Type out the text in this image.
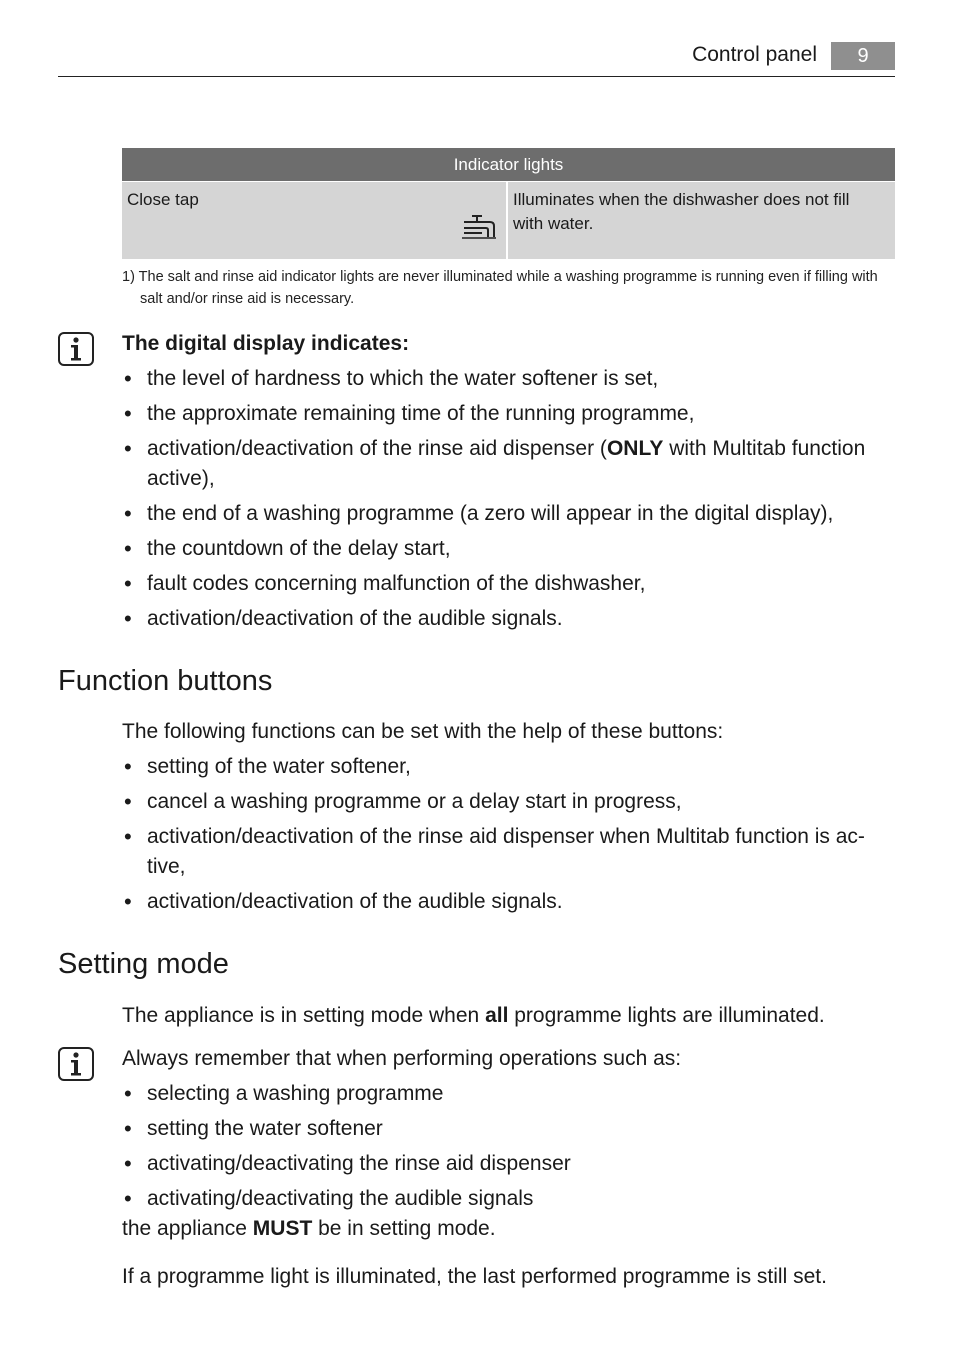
Control panel	9
Indicator lights
Close tap	Illuminates when the dishwasher does not fill with water.
1) The salt and rinse aid indicator lights are never illuminated while a washing programme is running even if filling with salt and/or rinse aid is necessary.

The digital display indicates:

• the level of hardness to which the water softener is set,
• the approximate remaining time of the running programme,
• activation/deactivation of the rinse aid dispenser (ONLY with Multitab function active),
• the end of a washing programme (a zero will appear in the digital display),
• the countdown of the delay start,
• fault codes concerning malfunction of the dishwasher,
• activation/deactivation of the audible signals.
Function buttons

The following functions can be set with the help of these buttons:

• setting of the water softener,
• cancel a washing programme or a delay start in progress,
• activation/deactivation of the rinse aid dispenser when Multitab function is ac-tive,
• activation/deactivation of the audible signals.
Setting mode

The appliance is in setting mode when all programme lights are illuminated.

Always remember that when performing operations such as:

• selecting a washing programme
• setting the water softener
• activating/deactivating the rinse aid dispenser
• activating/deactivating the audible signals

the appliance MUST be in setting mode.

If a programme light is illuminated, the last performed programme is still set.
